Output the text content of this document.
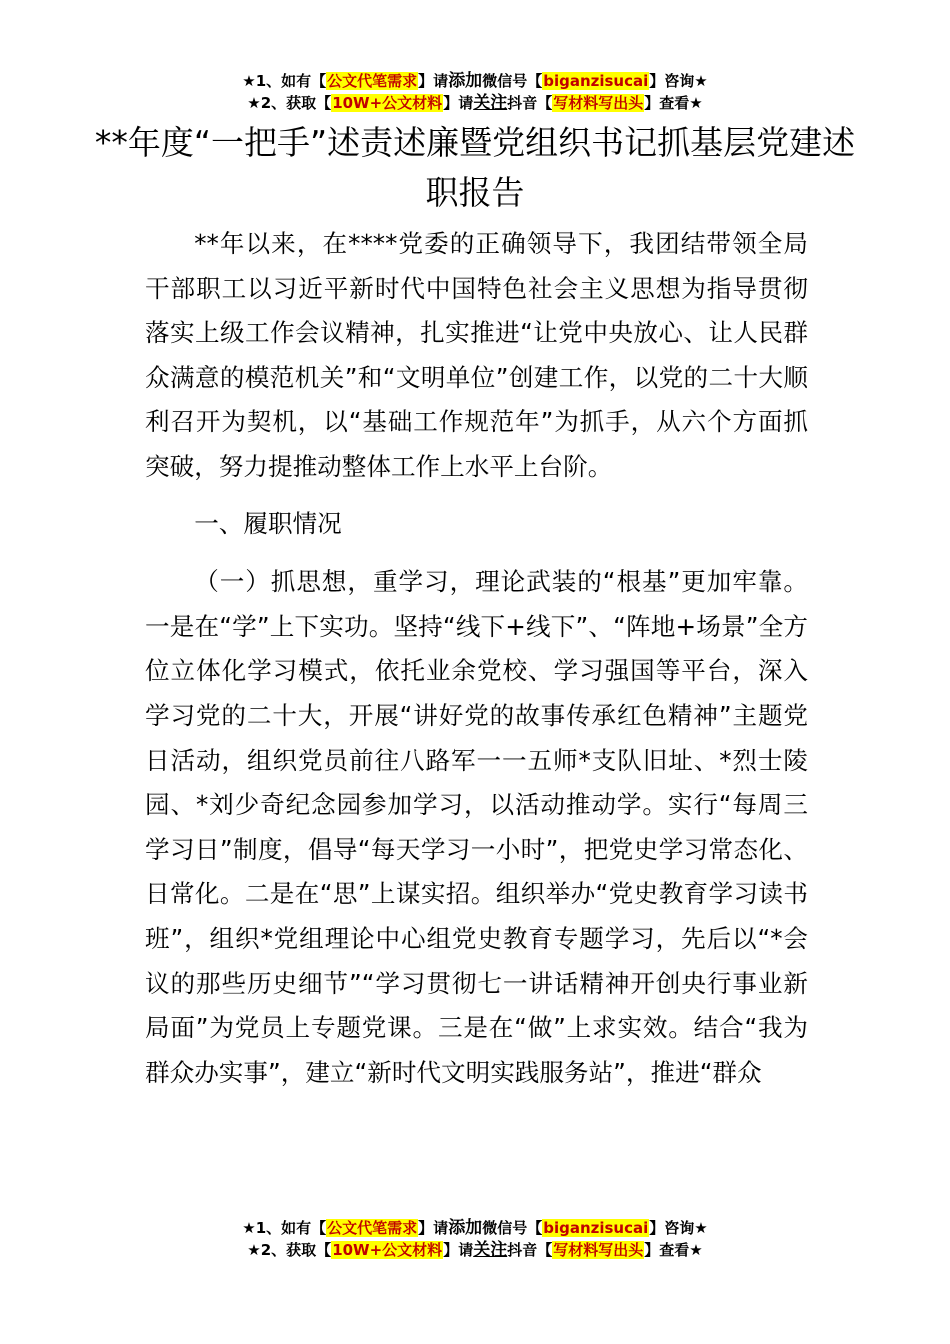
★1、如有【公文代笔需求】请添加微信号【biganzisucai】咨询★
★2、获取【10W+公文材料】请关注抖音【写材料写出头】查看★
**年度“一把手”述责述廉暨党组织书记抓基层党建述职报告

**年以来，在****党委的正确领导下，我团结带领全局干部职工以习近平新时代中国特色社会主义思想为指导贯彻落实上级工作会议精神，扎实推进“让党中央放心、让人民群众满意的模范机关”和“文明单位”创建工作，以党的二十大顺利召开为契机，以“基础工作规范年”为抓手，从六个方面抓突破，努力提推动整体工作上水平上台阶。

一、履职情况

（一）抓思想，重学习，理论武装的“根基”更加牢靠。一是在“学”上下实功。坚持“线下+线下”、“阵地+场景”全方位立体化学习模式，依托业余党校、学习强国等平台，深入学习党的二十大，开展“讲好党的故事传承红色精神”主题党日活动，组织党员前往八路军一一五师*支队旧址、*烈士陵园、*刘少奇纪念园参加学习，以活动推动学。实行“每周三学习日”制度，倡导“每天学习一小时”，把党史学习常态化、日常化。二是在“思”上谋实招。组织举办“党史教育学习读书班”，组织*党组理论中心组党史教育专题学习，先后以“*会议的那些历史细节”“学习贯彻七一讲话精神开创央行事业新局面”为党员上专题党课。三是在“做”上求实效。结合“我为群众办实事”，建立“新时代文明实践服务站”，推进“群众

★1、如有【公文代笔需求】请添加微信号【biganzisucai】咨询★
★2、获取【10W+公文材料】请关注抖音【写材料写出头】查看★
